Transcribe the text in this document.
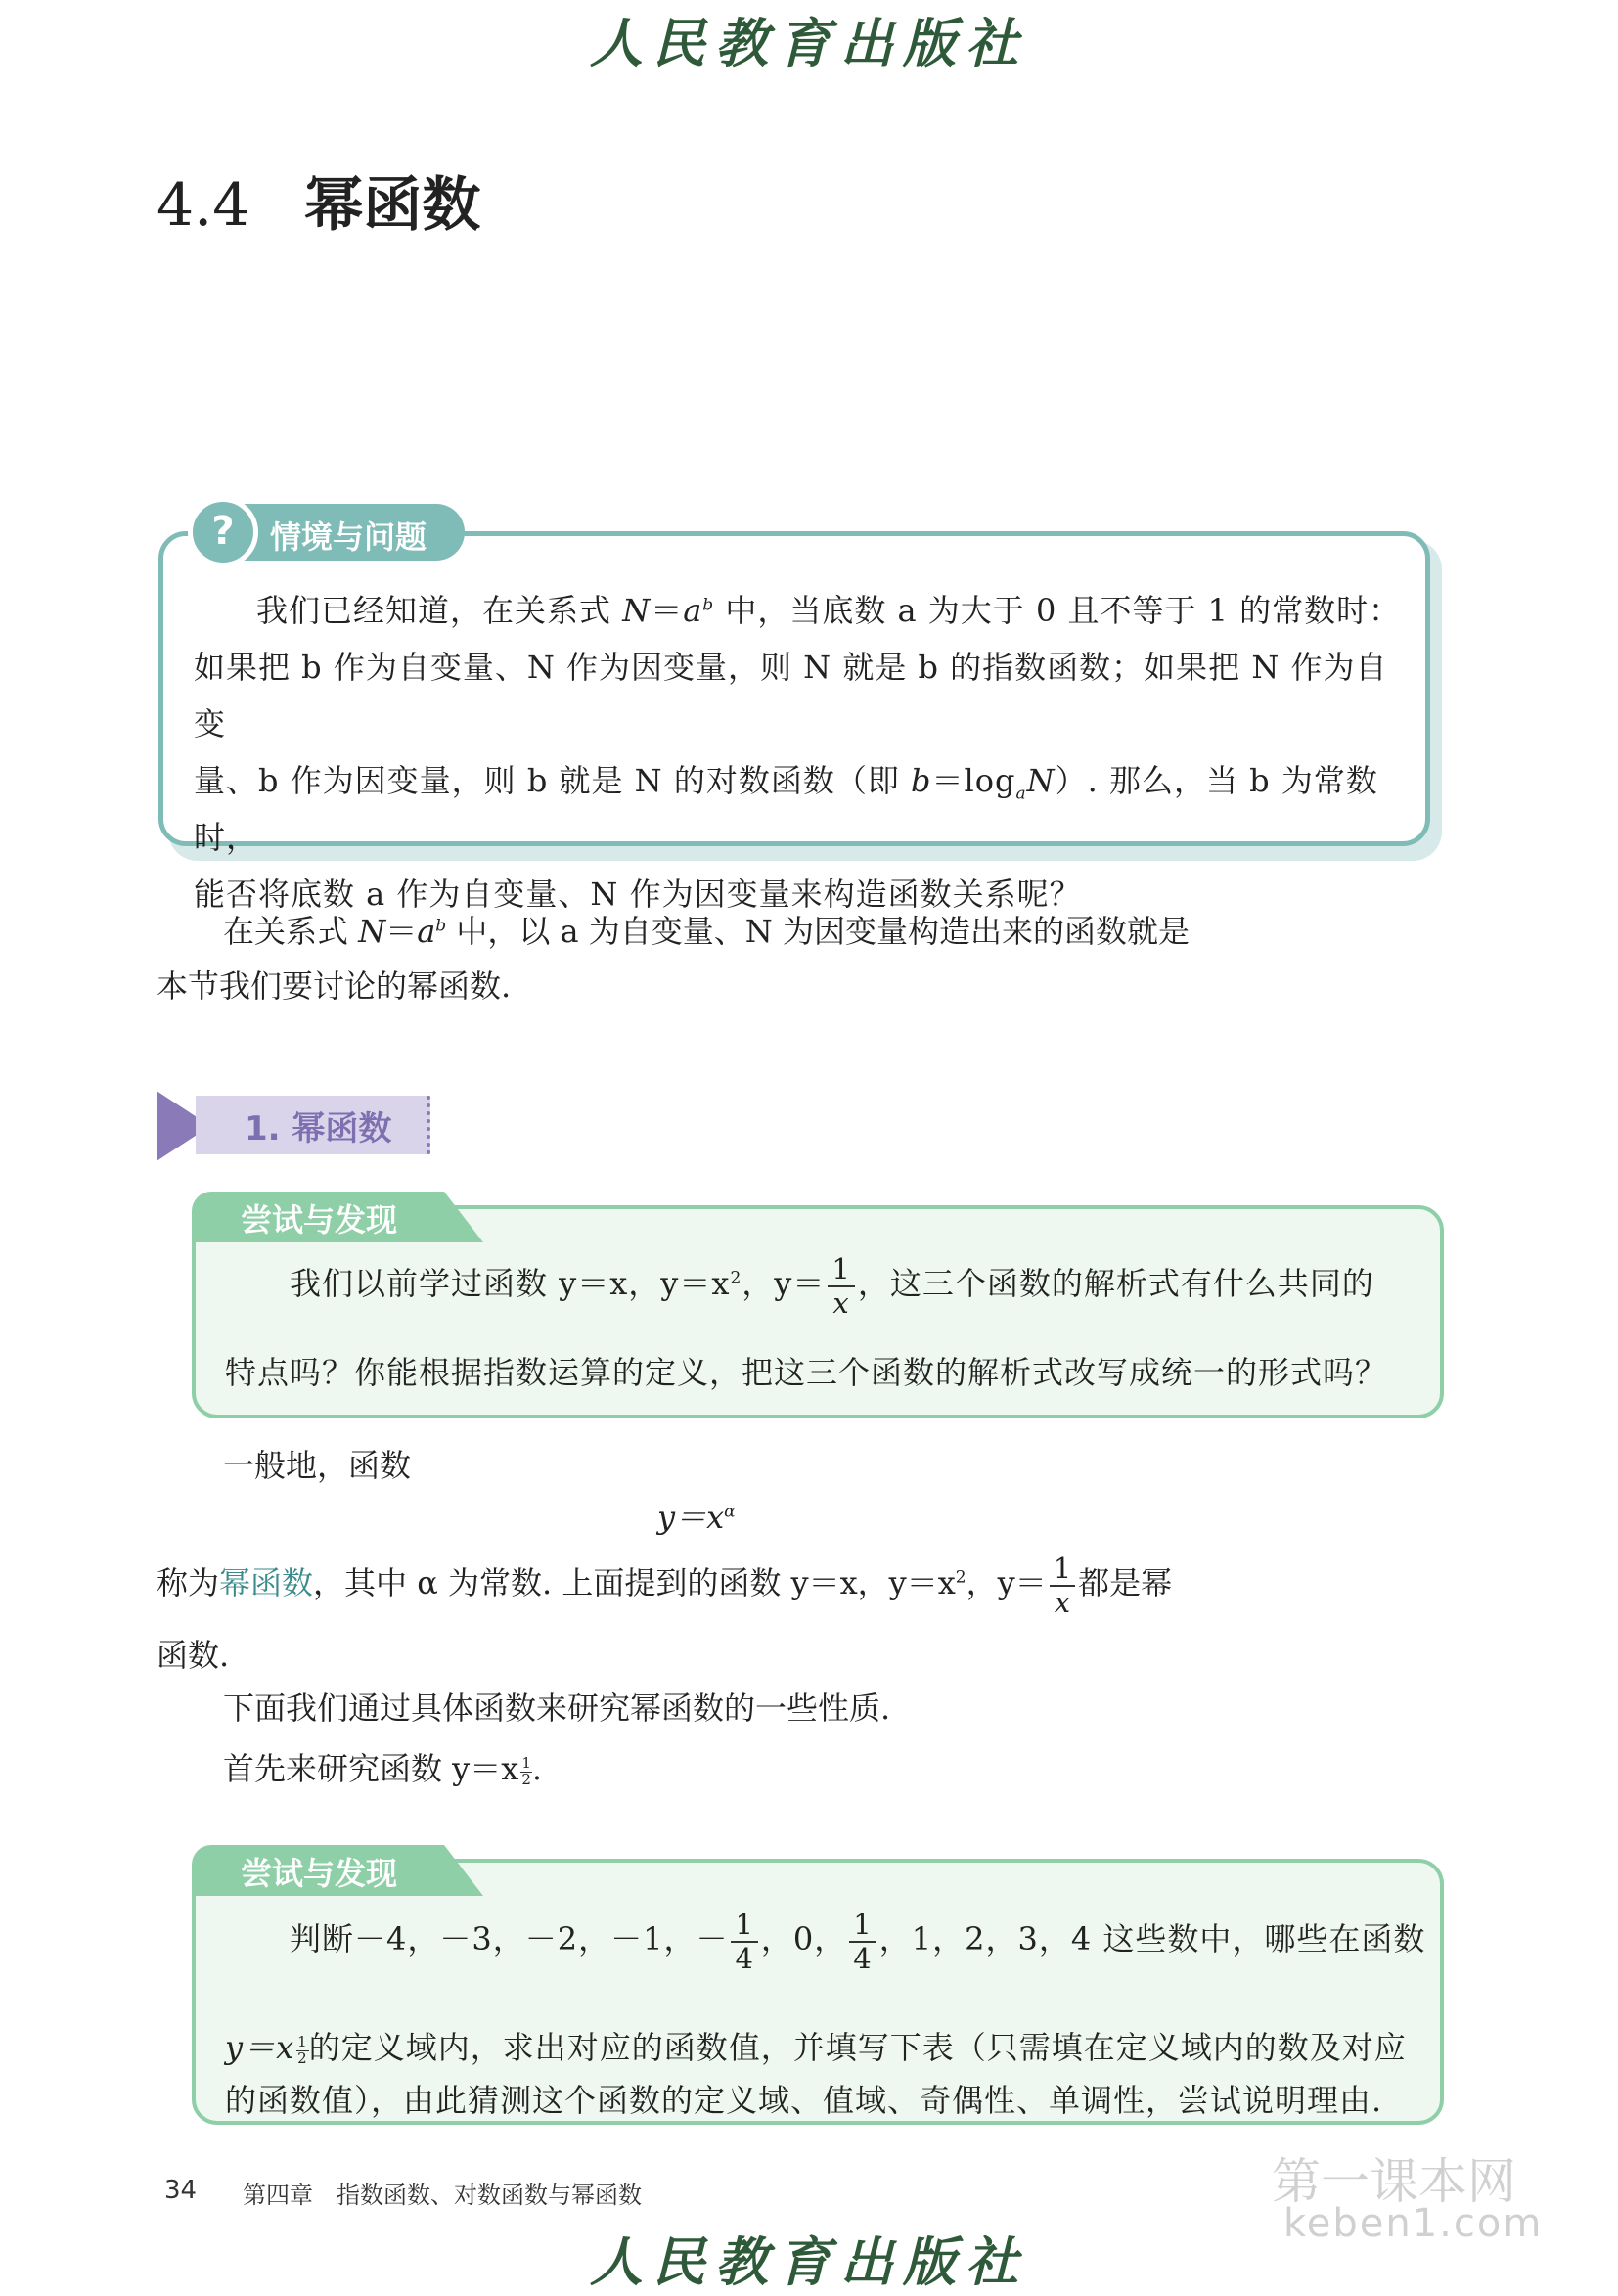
人民教育出版社
4.4 幂函数
?	情境与问题
我们已经知道，在关系式 $N=a^b$ 中，当底数 a 为大于 0 且不等于 1 的常数时：
如果把 b 作为自变量、N 作为因变量，则 N 就是 b 的指数函数；如果把 N 作为自变
量、b 作为因变量，则 b 就是 N 的对数函数（即 $b=\log_aN$）. 那么，当 b 为常数时，
能否将底数 a 作为自变量、N 作为因变量来构造函数关系呢？
在关系式 $N=a^b$ 中，以 a 为自变量、N 为因变量构造出来的函数就是
本节我们要讨论的幂函数.
1. 幂函数
尝试与发现
我们以前学过函数 y＝x，$y=x^2$，$y= \frac{1}{x}$ ，这三个函数的解析式有什么共同的
特点吗？你能根据指数运算的定义，把这三个函数的解析式改写成统一的形式吗？
一般地，函数
$y=x^\alpha$
称为幂函数，其中 α 为常数. 上面提到的函数 y＝x，$y=x^2$，$y= \frac{1}{x}$ 都是幂
函数.
下面我们通过具体函数来研究幂函数的一些性质.
首先来研究函数 $y=x \frac{1}{2}$ .
尝试与发现
判断－4，－3，－2，－1，－ $\frac{1}{4}$ ，0， $\frac{1}{4}$ ，1，2，3，4 这些数中，哪些在函数
$y=x \frac{1}{2}$ 的定义域内，求出对应的函数值，并填写下表（只需填在定义域内的数及对应
的函数值），由此猜测这个函数的定义域、值域、奇偶性、单调性，尝试说明理由.
34 第四章　指数函数、对数函数与幂函数	第一课本网
keben1.com
人民教育出版社
